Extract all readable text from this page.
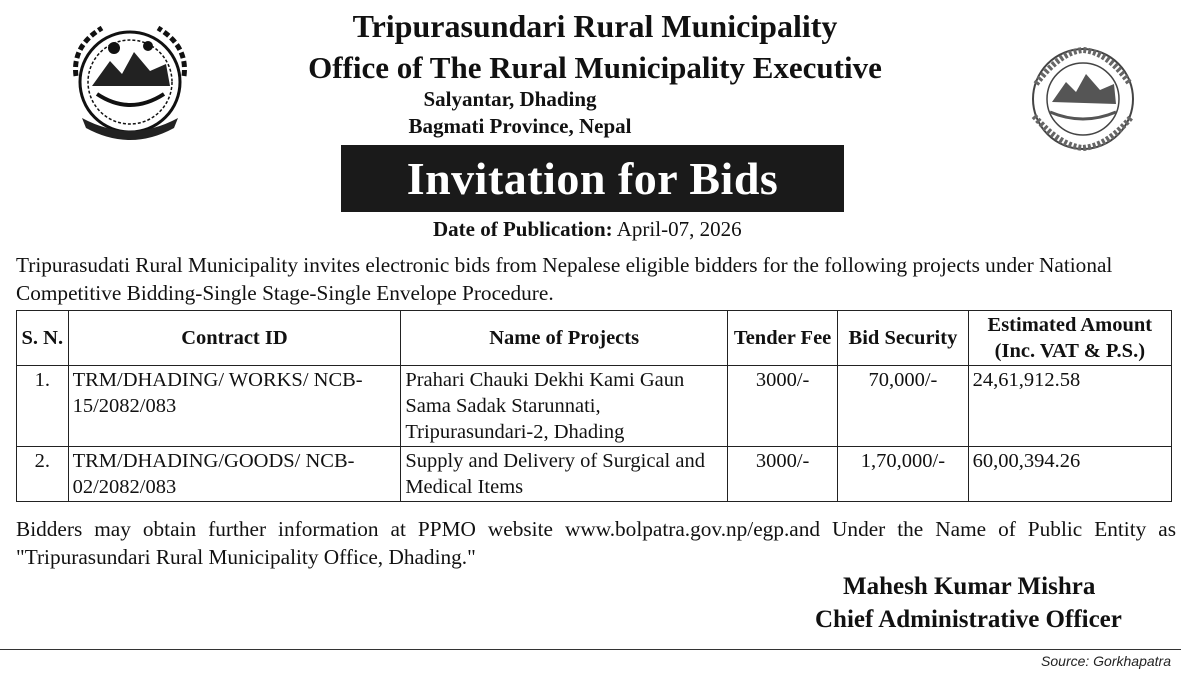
Tripurasundari Rural Municipality
Office of The Rural Municipality Executive
Salyantar, Dhading
Bagmati Province, Nepal
Invitation for Bids
Date of Publication: April-07, 2026
Tripurasudati Rural Municipality invites electronic bids from Nepalese eligible bidders for the following projects under National Competitive Bidding-Single Stage-Single Envelope Procedure.
S. N.	Contract ID	Name of Projects	Tender Fee	Bid Security	Estimated Amount (Inc. VAT & P.S.)
1.	TRM/DHADING/ WORKS/ NCB-15/2082/083	Prahari Chauki Dekhi Kami Gaun Sama Sadak Starunnati, Tripurasundari-2, Dhading	3000/-	70,000/-	24,61,912.58
2.	TRM/DHADING/GOODS/ NCB-02/2082/083	Supply and Delivery of Surgical and Medical Items	3000/-	1,70,000/-	60,00,394.26
Bidders may obtain further information at PPMO website www.bolpatra.gov.np/egp.and Under the Name of Public Entity as "Tripurasundari Rural Municipality Office, Dhading."
Mahesh Kumar Mishra
Chief Administrative Officer
Source: Gorkhapatra
